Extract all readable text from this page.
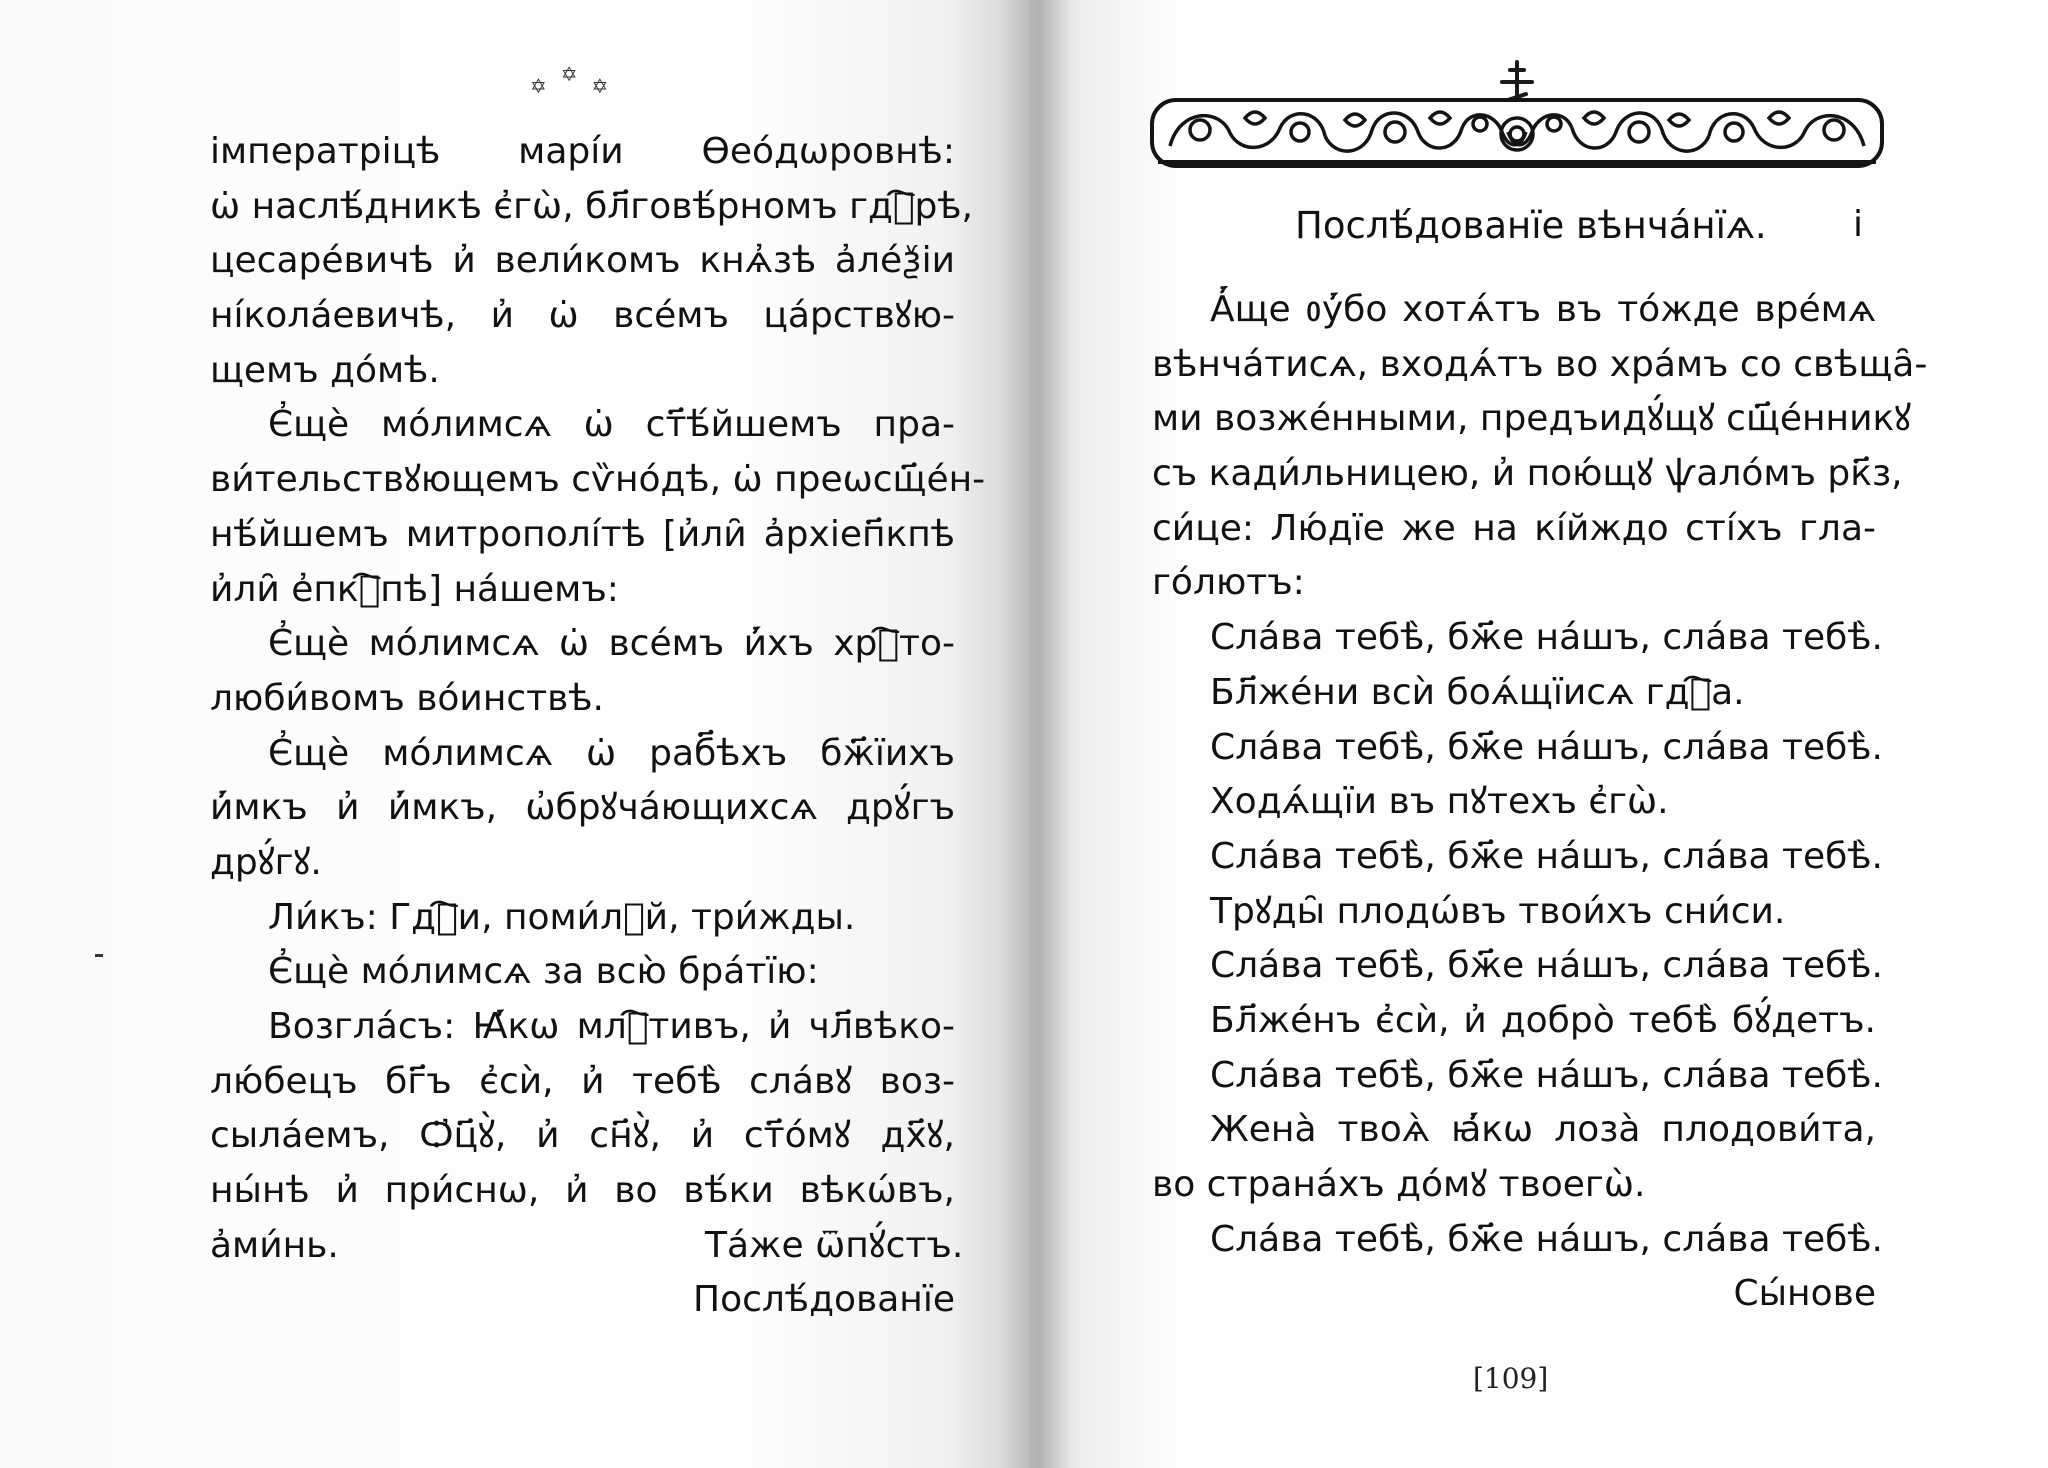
✡✡✡
імператріцѣ марíи Ѳеóдѡровнѣ:
ѡ̇ наслѣ́дникѣ є҆гѡ̀, бл҃говѣ́рномъ гдⷭ҇рѣ,
цесаре́вичѣ и҆ вели́комъ кнѧ҆зѣ а҆ле́ѯіи
ні́колáевичѣ, и҆ ѡ̇ все́мъ ца́рствꙋю-
щемъ до́мѣ.
Є҆щѐ мо́лимсѧ ѡ̇ ст҃ѣ́йшемъ пра-
ви́тельствꙋющемъ сѷно́дѣ, ѡ̇ преѡсщ҃е́н-
нѣ́йшемъ митрополі́тѣ [и҆ли̑ а҆рхіеп҃кпѣ
и҆ли̑ е҆пкⷭ҇пѣ] на́шемъ:
Є҆щѐ мо́лимсѧ ѡ̇ все́мъ и҆́хъ хрⷭ҇то-
люби́вомъ во́инствѣ.
Є҆щѐ мо́лимсѧ ѡ̇ раб҃ѣхъ бж҃їихъ
и҆́мкъ и҆ и҆́мкъ, ѡ҆брꙋча́ющихсѧ дрꙋ́гъ
дрꙋ́гꙋ.
Ли́къ: Гдⷭ҇и, поми́лꙋй, три́жды.
Є҆щѐ мо́лимсѧ за всю̀ бра́тїю:
Возгла́съ: Ꙗ҆́кѡ млⷭ҇тивъ, и҆ чл҃вѣко-
лю́бецъ бг҃ъ є҆сѝ, и҆ тебѣ̀ сла́вꙋ воз-
сыла́емъ, Ѻ҆ц҃ꙋ̀, и҆ сн҃ꙋ̀, и҆ ст҃о́мꙋ дх҃ꙋ,
ны́нѣ и҆ при́снѡ, и҆ во вѣ́ки вѣкѡ́въ,
а҆ми́нь.                                Та́же ѿпꙋ́стъ.
Послѣ́дованїе
Послѣ́дованїе вѣнча́нїѧ. і
А҆́ще ᲂу҆́бо хотѧ́тъ въ то́жде вре́мѧ
вѣнча́тисѧ, входѧ́тъ во хра́мъ со свѣща̑-
ми возже́нными, предъидꙋ́щꙋ сщ҃е́нникꙋ
съ кади́льницею, и҆ пою́щꙋ ѱало́мъ рк҃з,
си́це: Лю́дїе же на кі́йждо сті́хъ гла-
го́лютъ:
Сла́ва тебѣ̀, бж҃е на́шъ, сла́ва тебѣ̀.
Бл҃же́ни всѝ боѧ́щїисѧ гдⷭ҇а.
Сла́ва тебѣ̀, бж҃е на́шъ, сла́ва тебѣ̀.
Ходѧ́щїи въ пꙋтехъ є҆гѡ̀.
Сла́ва тебѣ̀, бж҃е на́шъ, сла́ва тебѣ̀.
Трꙋды̑ плодѡ́въ твои́хъ сни́си.
Сла́ва тебѣ̀, бж҃е на́шъ, сла́ва тебѣ̀.
Бл҃же́нъ є҆сѝ, и҆ добро̀ тебѣ̀ бꙋ́детъ.
Сла́ва тебѣ̀, бж҃е на́шъ, сла́ва тебѣ̀.
Жена̀ твоѧ̀ ꙗ҆́кѡ лоза̀ плодови́та,
во страна́хъ до́мꙋ твоегѡ̀.
Сла́ва тебѣ̀, бж҃е на́шъ, сла́ва тебѣ̀.
Сы́нове
[109]
